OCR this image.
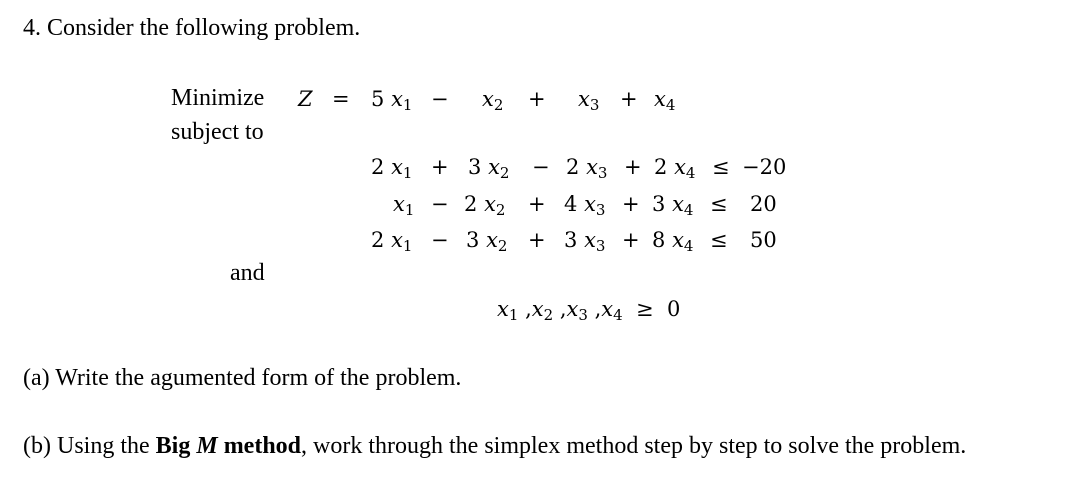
4. Consider the following problem.
Minimize
subject to
and
Z = 5 $x_1 - x_2 + x_3 + x_4$
2 $x_1 + 3$ $x_2 - 2$ $x_3 + 2$ $x_4 \le -20$
$x_1 - 2$ $x_2 + 4$ $x_3 + 3$ $x_4 \le 20$
2 $x_1 - 3$ $x_2 + 3$ $x_3 + 8$ $x_4 \le 50$
$x_1$ $,x_2$ $,x_3$ $,x_4 \ge 0$
(a) Write the agumented form of the problem.
(b) Using the Big M method, work through the simplex method step by step to solve the problem.
